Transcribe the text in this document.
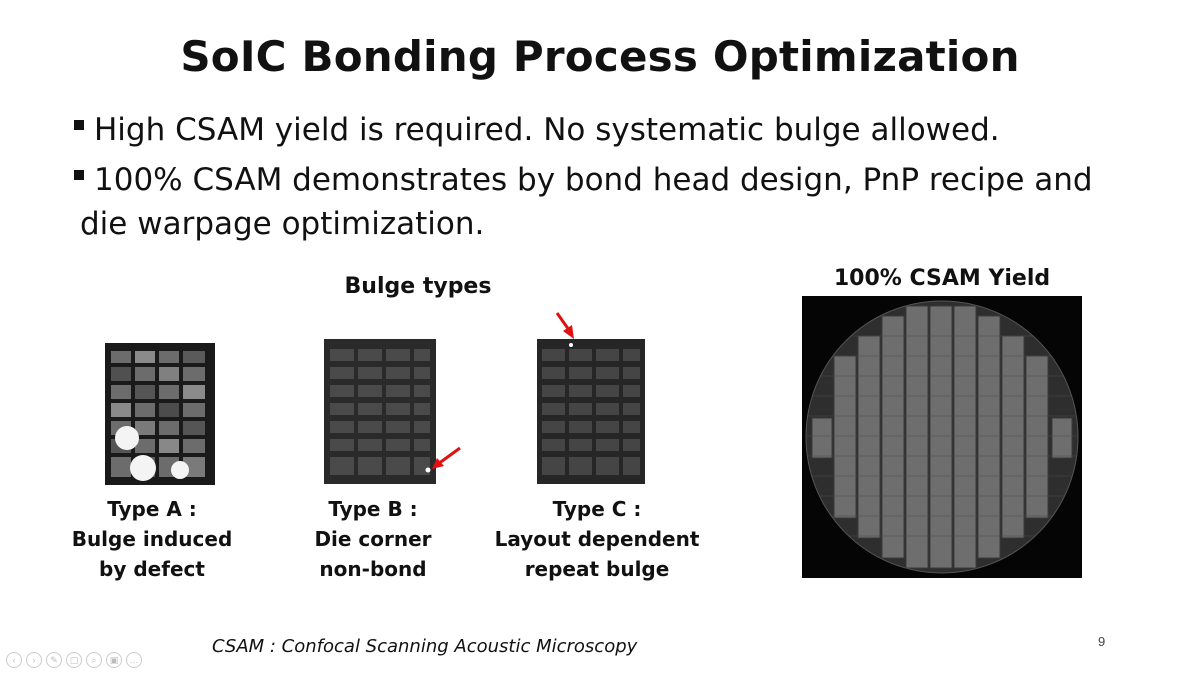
SoIC Bonding Process Optimization
High CSAM yield is required. No systematic bulge allowed.
100% CSAM demonstrates by bond head design, PnP recipe and
die warpage optimization.
Bulge types	100% CSAM Yield
Type A :
Bulge induced
by defect
Type B :
Die corner
non-bond
Type C :
Layout dependent
repeat bulge
CSAM : Confocal Scanning Acoustic Microscopy	9
‹	›	✎	▢	⌕	▣	…
